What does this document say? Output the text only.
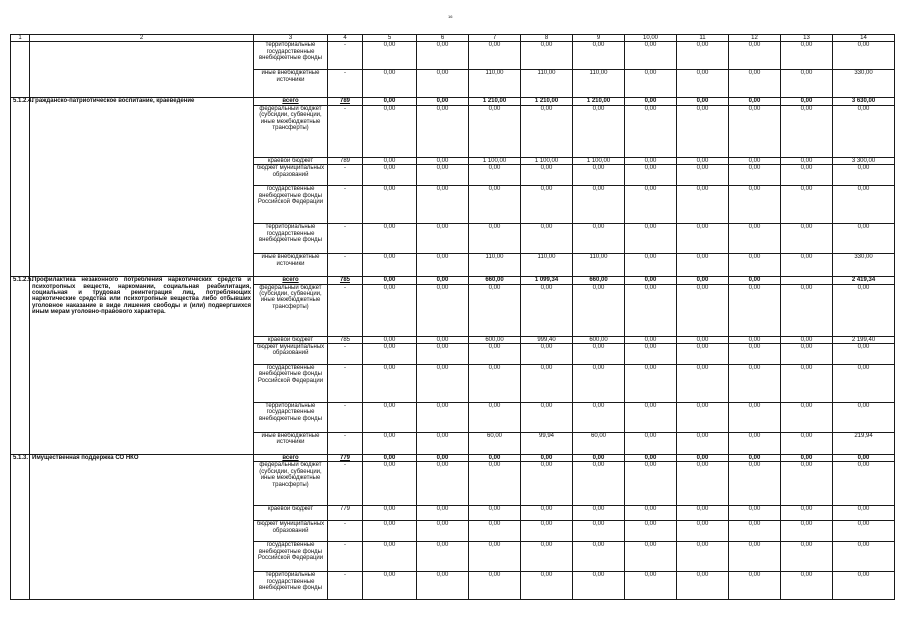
16
1	2	3	4	5	6	7	8	9	10,00	11	12	13	14
		территориальные государственные внебюджетные фонды	-	0,00	0,00	0,00	0,00	0,00	0,00	0,00	0,00	0,00	0,00
		иные внебюджетные источники	-	0,00	0,00	110,00	110,00	110,00	0,00	0,00	0,00	0,00	330,00
5.1.2.4.	Гражданско-патриотическое воспитание, краеведение	всего	789	0,00	0,00	1 210,00	1 210,00	1 210,00	0,00	0,00	0,00	0,00	3 630,00
		федеральный бюджет (субсидии, субвенции, иные межбюджетные трансферты)	-	0,00	0,00	0,00	0,00	0,00	0,00	0,00	0,00	0,00	0,00
		краевой бюджет	789	0,00	0,00	1 100,00	1 100,00	1 100,00	0,00	0,00	0,00	0,00	3 300,00
		бюджет муниципальных образований	-	0,00	0,00	0,00	0,00	0,00	0,00	0,00	0,00	0,00	0,00
		государственные внебюджетные фонды Российской Федерации	-	0,00	0,00	0,00	0,00	0,00	0,00	0,00	0,00	0,00	0,00
		территориальные государственные внебюджетные фонды	-	0,00	0,00	0,00	0,00	0,00	0,00	0,00	0,00	0,00	0,00
		иные внебюджетные источники	-	0,00	0,00	110,00	110,00	110,00	0,00	0,00	0,00	0,00	330,00
5.1.2.5.	Профилактика незаконного потребления наркотических средств и психотропных веществ, наркомании, социальная реабилитация, социальная и трудовая реинтеграция лиц, потребляющих наркотические средства или психотропные вещества либо отбывших уголовное наказание в виде лишения свободы и (или) подвергшихся иным мерам уголовно-правового характера.	всего	785	0,00	0,00	660,00	1 099,34	660,00	0,00	0,00	0,00		2 419,34
		федеральный бюджет (субсидии, субвенции, иные межбюджетные трансферты)	-	0,00	0,00	0,00	0,00	0,00	0,00	0,00	0,00	0,00	0,00
		краевой бюджет	785	0,00	0,00	600,00	999,40	600,00	0,00	0,00	0,00	0,00	2 199,40
		бюджет муниципальных образований	-	0,00	0,00	0,00	0,00	0,00	0,00	0,00	0,00	0,00	0,00
		государственные внебюджетные фонды Российской Федерации	-	0,00	0,00	0,00	0,00	0,00	0,00	0,00	0,00	0,00	0,00
		территориальные государственные внебюджетные фонды	-	0,00	0,00	0,00	0,00	0,00	0,00	0,00	0,00	0,00	0,00
		иные внебюджетные источники	-	0,00	0,00	60,00	99,94	60,00	0,00	0,00	0,00	0,00	219,94
5.1.3.	Имущественная поддержка СО НКО	всего	779	0,00	0,00	0,00	0,00	0,00	0,00	0,00	0,00	0,00	0,00
		федеральный бюджет (субсидии, субвенции, иные межбюджетные трансферты)	-	0,00	0,00	0,00	0,00	0,00	0,00	0,00	0,00	0,00	0,00
		краевой бюджет	779	0,00	0,00	0,00	0,00	0,00	0,00	0,00	0,00	0,00	0,00
		бюджет муниципальных образований	-	0,00	0,00	0,00	0,00	0,00	0,00	0,00	0,00	0,00	0,00
		государственные внебюджетные фонды Российской Федерации	-	0,00	0,00	0,00	0,00	0,00	0,00	0,00	0,00	0,00	0,00
		территориальные государственные внебюджетные фонды	-	0,00	0,00	0,00	0,00	0,00	0,00	0,00	0,00	0,00	0,00
